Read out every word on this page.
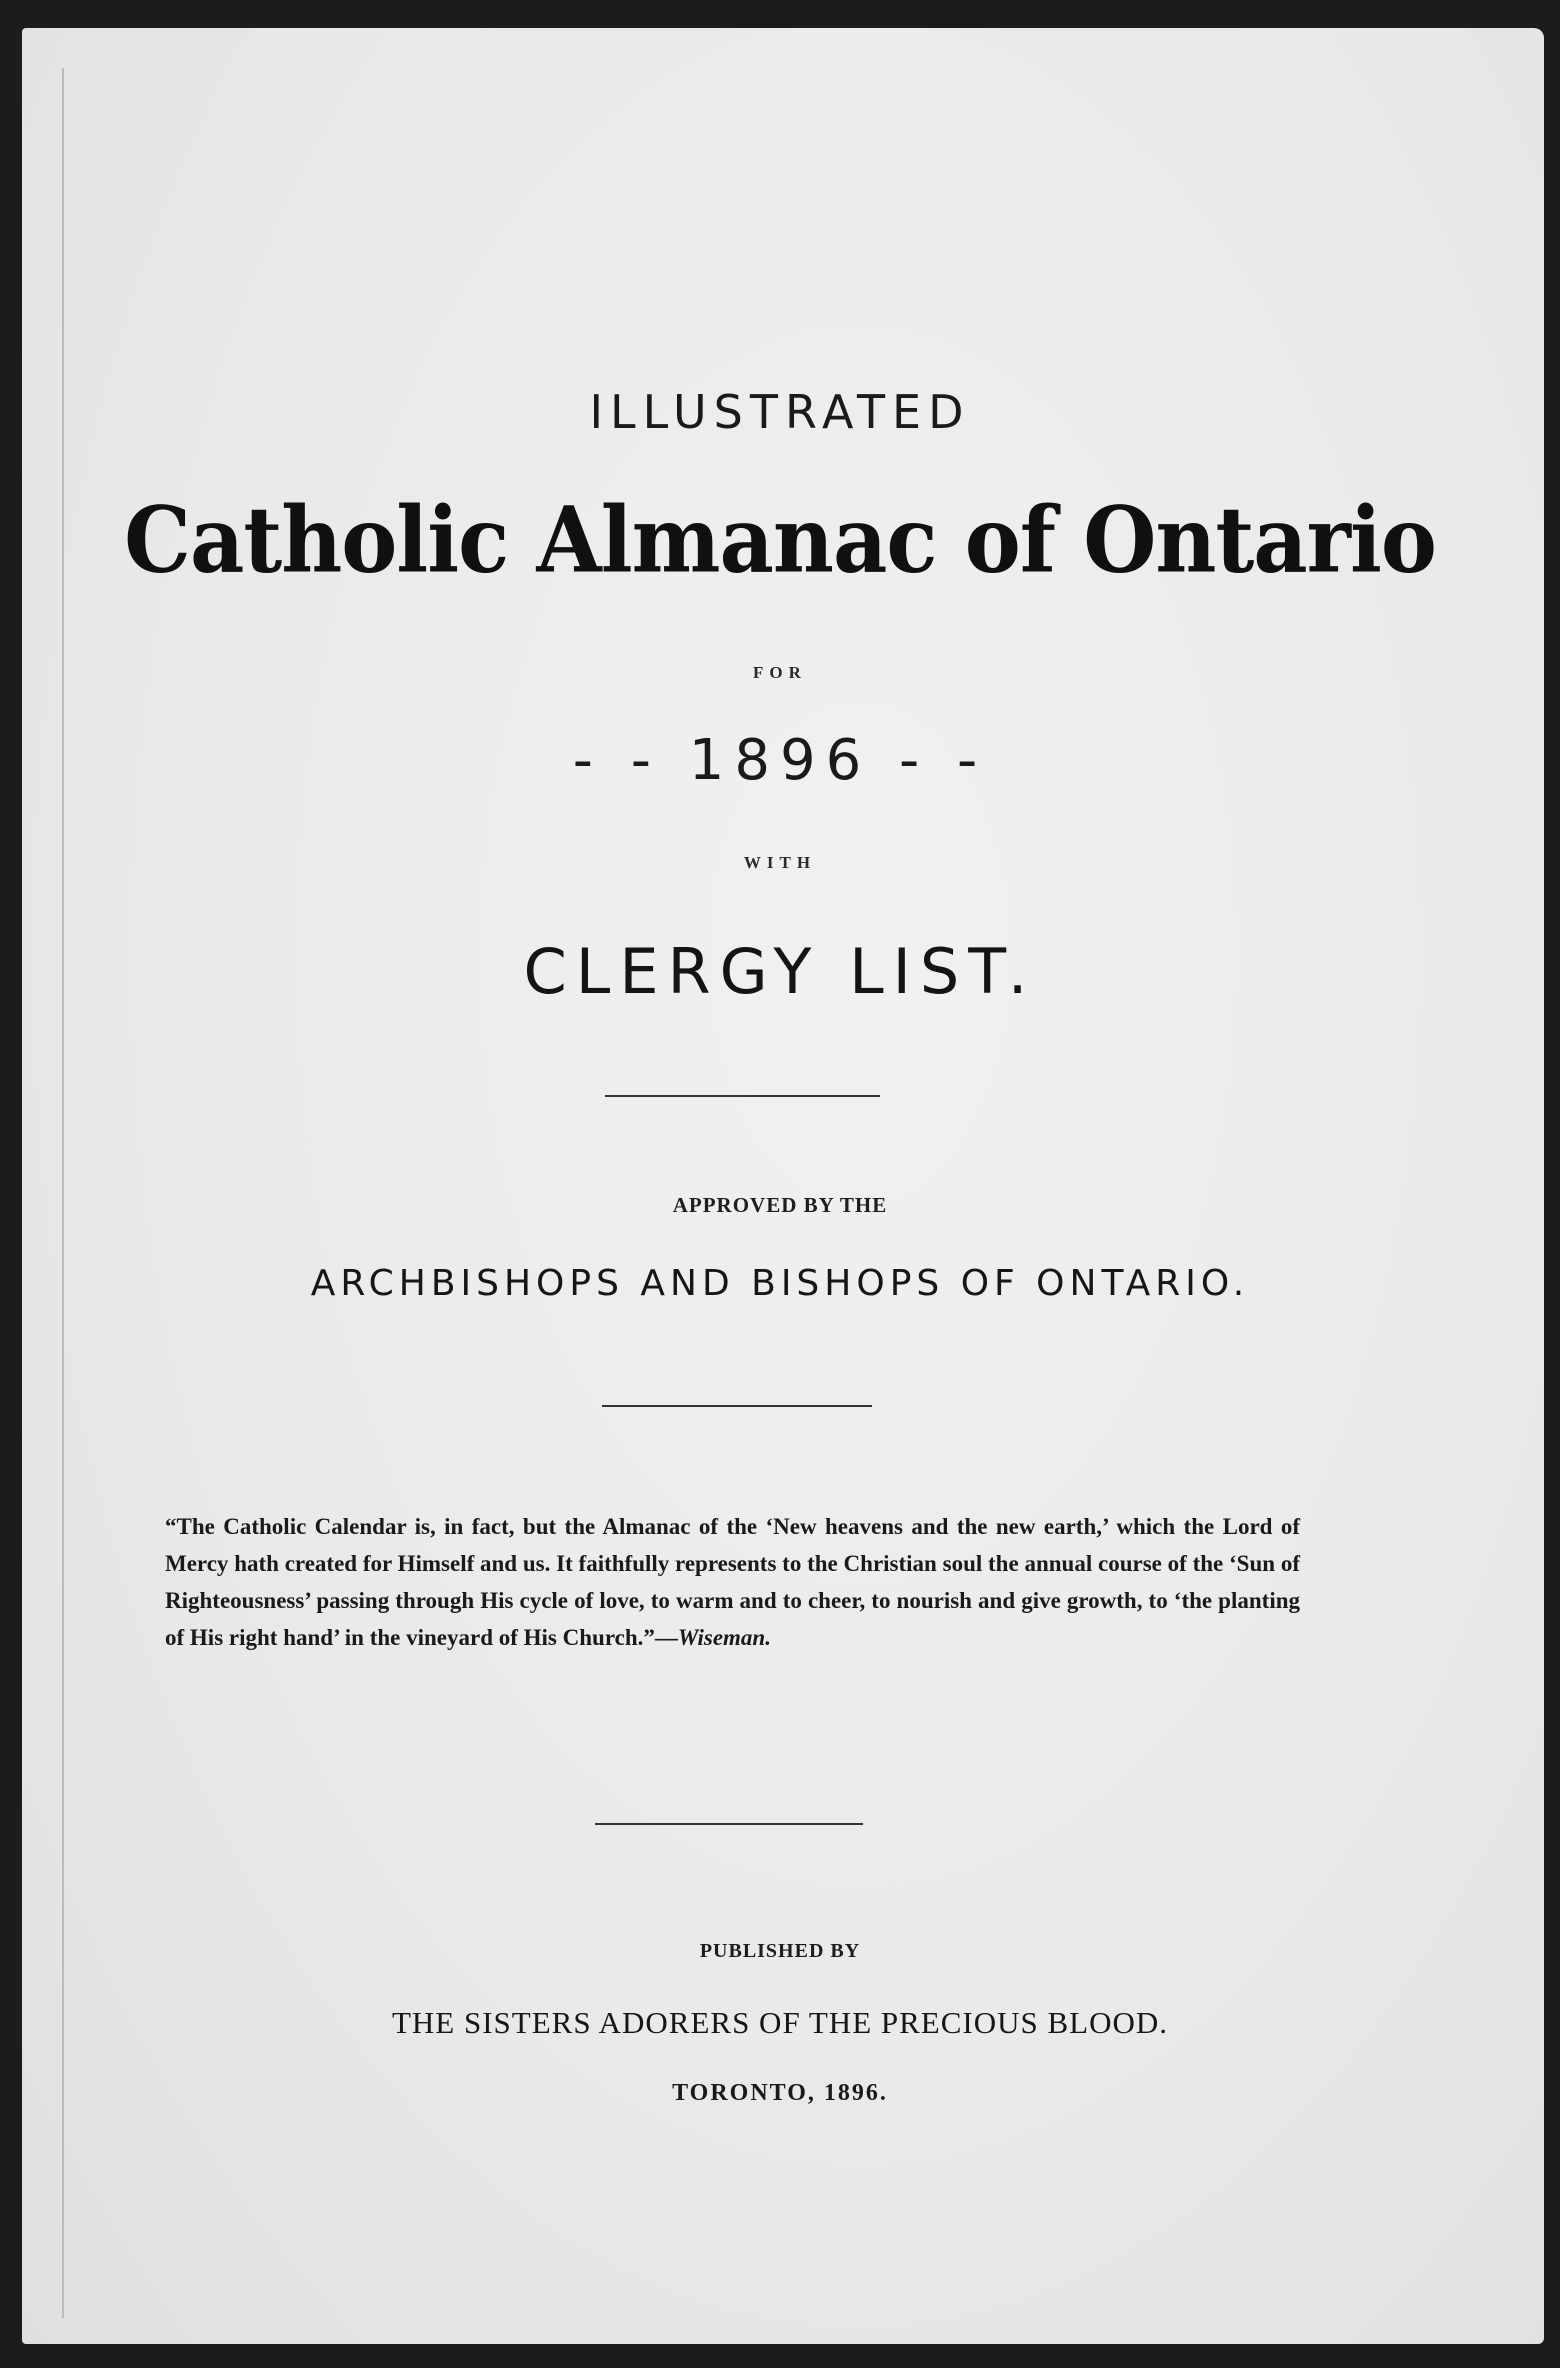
ILLUSTRATED
Catholic Almanac of Ontario
FOR
- - 1896 - -
WITH
CLERGY LIST.
APPROVED BY THE
ARCHBISHOPS AND BISHOPS OF ONTARIO.
“The Catholic Calendar is, in fact, but the Almanac of the ‘New heavens and the new earth,’ which the Lord of Mercy hath created for Himself and us. It faithfully represents to the Christian soul the annual course of the ‘Sun of Righteousness’ passing through His cycle of love, to warm and to cheer, to nourish and give growth, to ‘the planting of His right hand’ in the vineyard of His Church.”—Wiseman.
PUBLISHED BY
THE SISTERS ADORERS OF THE PRECIOUS BLOOD.
TORONTO, 1896.
